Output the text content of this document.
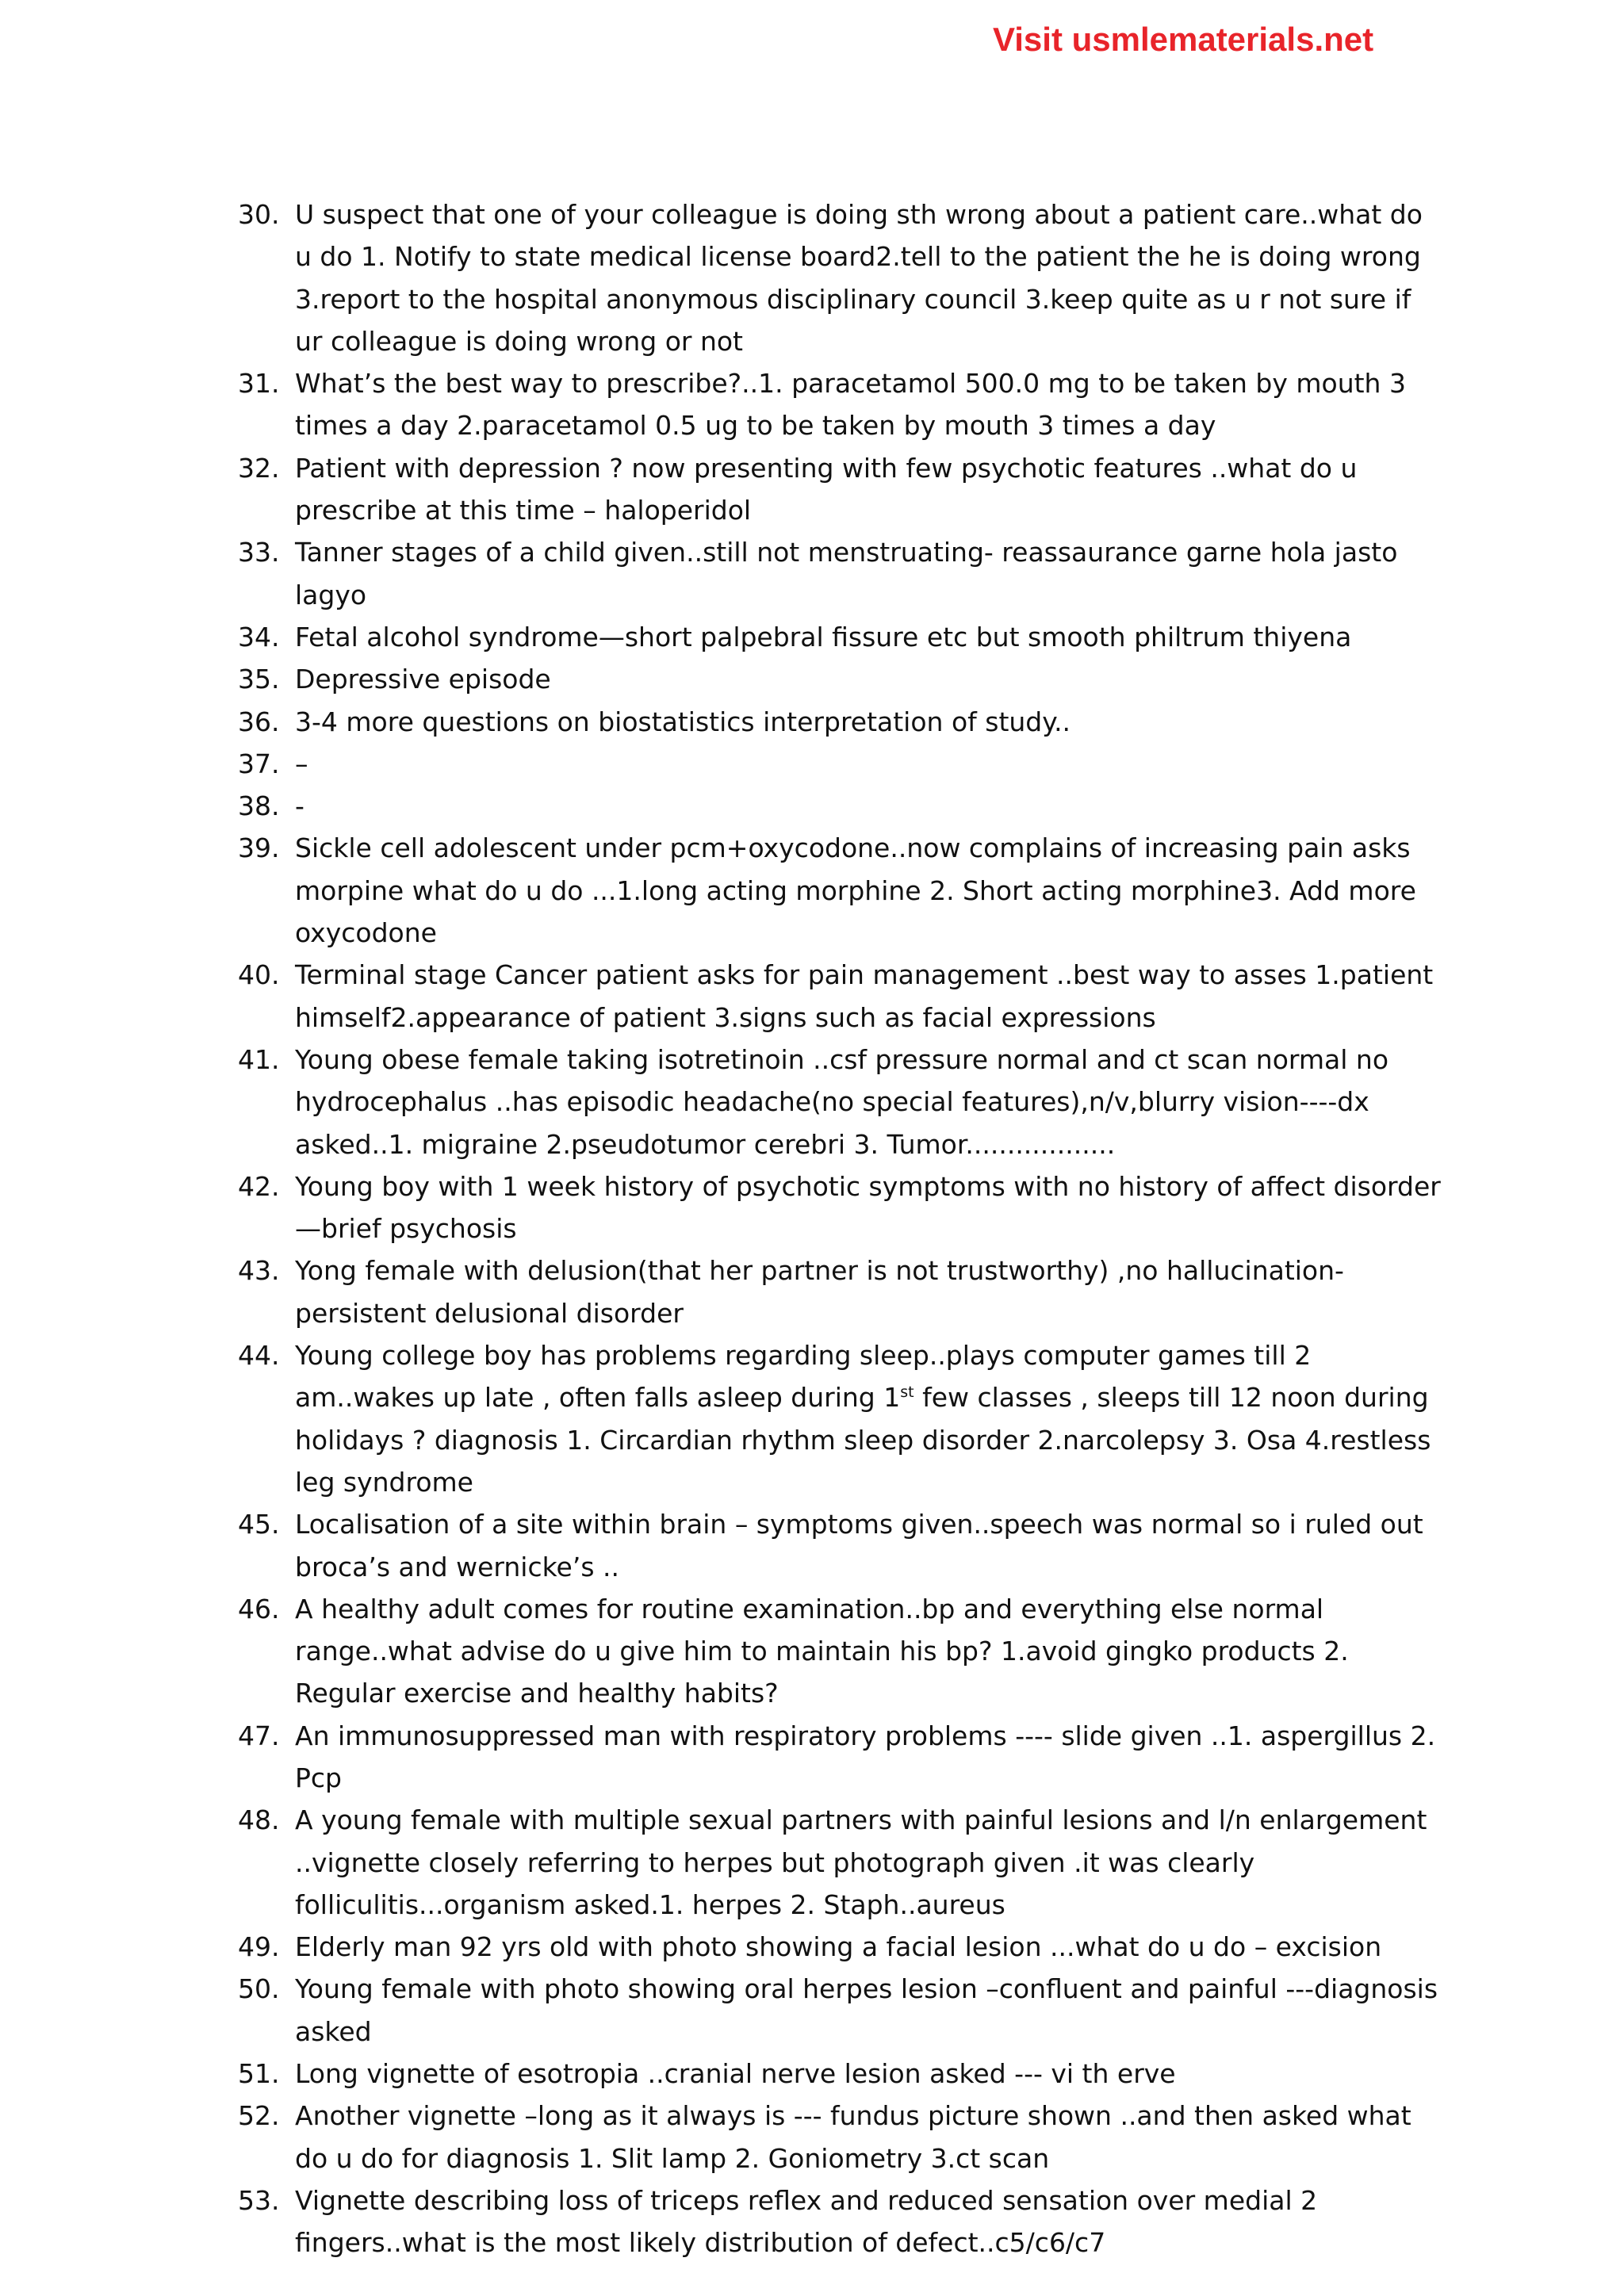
Visit usmlematerials.net
30. U suspect that one of your colleague is doing sth wrong about a patient care..what do u do 1. Notify to state medical license board2.tell to the patient the he is doing wrong 3.report to the hospital anonymous disciplinary council 3.keep quite as u r not sure if ur colleague is doing wrong or not
31. What’s the best way to prescribe?..1. paracetamol 500.0 mg to be taken by mouth 3 times a day 2.paracetamol 0.5 ug to be taken by mouth 3 times a day
32. Patient with depression ? now presenting with few psychotic features ..what do u prescribe at this time – haloperidol
33. Tanner stages of a child given..still not menstruating- reassaurance garne hola jasto lagyo
34. Fetal alcohol syndrome—short palpebral fissure etc but smooth philtrum thiyena
35. Depressive episode
36. 3-4 more questions on biostatistics interpretation of study..
37. –
38. -
39. Sickle cell adolescent under pcm+oxycodone..now complains of increasing pain asks morpine what do u do ...1.long acting morphine 2. Short acting morphine3. Add more oxycodone
40. Terminal stage Cancer patient asks for pain management ..best way to asses 1.patient himself2.appearance of patient 3.signs such as facial expressions
41. Young obese female taking isotretinoin ..csf pressure normal and ct scan normal no hydrocephalus ..has episodic headache(no special features),n/v,blurry vision----dx asked..1. migraine 2.pseudotumor cerebri 3. Tumor..................
42. Young boy with 1 week history of psychotic symptoms with no history of affect disorder—brief psychosis
43. Yong female with delusion(that her partner is not trustworthy) ,no hallucination- persistent delusional disorder
44. Young college boy has problems regarding sleep..plays computer games till 2 am..wakes up late , often falls asleep during 1st few classes , sleeps till 12 noon during holidays ? diagnosis 1. Circardian rhythm sleep disorder 2.narcolepsy 3. Osa 4.restless leg syndrome
45. Localisation of a site within brain – symptoms given..speech was normal so i ruled out broca’s and wernicke’s ..
46. A healthy adult comes for routine examination..bp and everything else normal range..what advise do u give him to maintain his bp? 1.avoid gingko products 2. Regular exercise and healthy habits?
47. An immunosuppressed man with respiratory problems ---- slide given ..1. aspergillus 2. Pcp
48. A young female with multiple sexual partners with painful lesions and l/n enlargement ..vignette closely referring to herpes but photograph given .it was clearly folliculitis...organism asked.1. herpes 2. Staph..aureus
49. Elderly man 92 yrs old with photo showing a facial lesion ...what do u do – excision
50. Young female with photo showing oral herpes lesion –confluent and painful ---diagnosis asked
51. Long vignette of esotropia ..cranial nerve lesion asked --- vi th erve
52. Another vignette –long as it always is --- fundus picture shown ..and then asked what do u do for diagnosis 1. Slit lamp 2. Goniometry 3.ct scan
53. Vignette describing loss of triceps reflex and reduced sensation over medial 2 fingers..what is the most likely distribution of defect..c5/c6/c7
